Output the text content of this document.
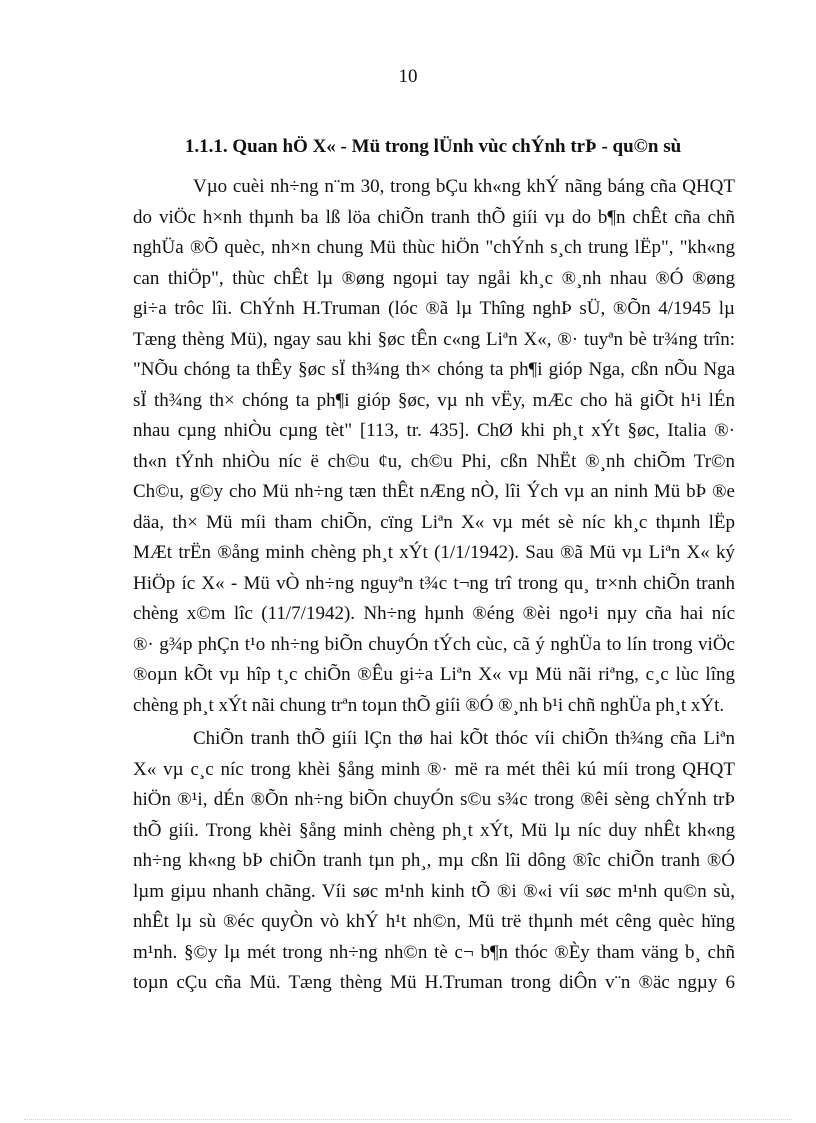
10
1.1.1. Quan hÖ X« - Mü trong lÜnh vùc chÝnh trÞ - qu©n sù
Vµo cuèi nh÷ng n¨m 30, trong bÇu kh«ng khÝ nãng báng cña QHQT
do viÖc h×nh thµnh ba lß löa chiÕn tranh thÕ giíi vµ do b¶n chÊt cña chñ
nghÜa ®Õ quèc, nh×n chung Mü thùc hiÖn "chÝnh s¸ch trung lËp", "kh«ng
can thiÖp", thùc chÊt lµ ®øng ngoµi tay ngåi kh¸c ®¸nh nhau ®Ó ®øng
gi÷a trôc lîi. ChÝnh H.Truman (lóc ®ã lµ Thîng nghÞ sÜ, ®Õn 4/1945 lµ
Tæng thèng Mü), ngay sau khi §øc tÊn c«ng Liªn X«, ®· tuyªn bè tr¾ng trîn:
"NÕu chóng ta thÊy §øc sÏ th¾ng th× chóng ta ph¶i gióp Nga, cßn nÕu Nga
sÏ th¾ng th× chóng ta ph¶i gióp §øc, vµ nh vËy, mÆc cho hä giÕt h¹i lÉn
nhau cµng nhiÒu cµng tèt" [113, tr. 435]. ChØ khi ph¸t xÝt §øc, Italia ®·
th«n tÝnh nhiÒu níc ë ch©u ¢u, ch©u Phi, cßn NhËt ®¸nh chiÕm Tr©n
Ch©u, g©y cho Mü nh÷ng tæn thÊt nÆng nÒ, lîi Ých vµ an ninh Mü bÞ ®e
däa, th× Mü míi tham chiÕn, cïng Liªn X« vµ mét sè níc kh¸c thµnh lËp
MÆt trËn ®ång minh chèng ph¸t xÝt (1/1/1942). Sau ®ã Mü vµ Liªn X« ký
HiÖp íc X« - Mü vÒ nh÷ng nguyªn t¾c t¬ng trî trong qu¸ tr×nh chiÕn tranh
chèng x©m lîc (11/7/1942). Nh÷ng hµnh ®éng ®èi ngo¹i nµy cña hai níc
®· g¾p phÇn t¹o nh÷ng biÕn chuyÓn tÝch cùc, cã ý nghÜa to lín trong viÖc
®oµn kÕt vµ hîp t¸c chiÕn ®Êu gi÷a Liªn X« vµ Mü nãi riªng, c¸c lùc lîng
chèng ph¸t xÝt nãi chung trªn toµn thÕ giíi ®Ó ®¸nh b¹i chñ nghÜa ph¸t xÝt.
ChiÕn tranh thÕ giíi lÇn thø hai kÕt thóc víi chiÕn th¾ng cña Liªn
X« vµ c¸c níc trong khèi §ång minh ®· më ra mét thêi kú míi trong QHQT
hiÖn ®¹i, dÉn ®Õn nh÷ng biÕn chuyÓn s©u s¾c trong ®êi sèng chÝnh trÞ
thÕ giíi. Trong khèi §ång minh chèng ph¸t xÝt, Mü lµ níc duy nhÊt kh«ng
nh÷ng kh«ng bÞ chiÕn tranh tµn ph¸, mµ cßn lîi dông ®îc chiÕn tranh ®Ó
lµm giµu nhanh chãng. Víi søc m¹nh kinh tÕ ®i ®«i víi søc m¹nh qu©n sù,
nhÊt lµ sù ®éc quyÒn vò khÝ h¹t nh©n, Mü trë thµnh mét cêng quèc hïng
m¹nh. §©y lµ mét trong nh÷ng nh©n tè c¬ b¶n thóc ®Èy tham väng b¸ chñ
toµn cÇu cña Mü. Tæng thèng Mü H.Truman trong diÔn v¨n ®äc ngµy 6
